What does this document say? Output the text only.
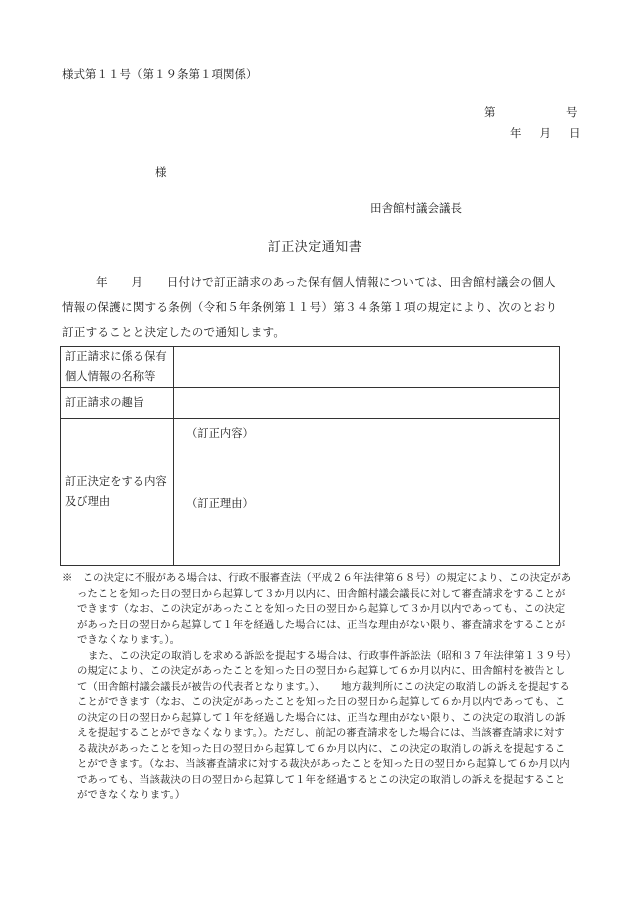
様式第１１号（第１９条第１項関係）
第	号
年 月 日
様
田舎館村議会議長
訂正決定通知書
年　　月　　日付けで訂正請求のあった保有個人情報については、田舎館村議会の個人情報の保護に関する条例（令和５年条例第１１号）第３４条第１項の規定により、次のとおり訂正することと決定したので通知します。
訂正請求に係る保有個人情報の名称等	
訂正請求の趣旨	
訂正決定をする内容及び理由	（訂正内容）
（訂正理由）

※　この決定に不服がある場合は、行政不服審査法（平成２６年法律第６８号）の規定により、この決定があったことを知った日の翌日から起算して３か月以内に、田舎館村議会議長に対して審査請求をすることができます（なお、この決定があったことを知った日の翌日から起算して３か月以内であっても、この決定があった日の翌日から起算して１年を経過した場合には、正当な理由がない限り、審査請求をすることができなくなります。）。

また、この決定の取消しを求める訴訟を提起する場合は、行政事件訴訟法（昭和３７年法律第１３９号）の規定により、この決定があったことを知った日の翌日から起算して６か月以内に、田舎館村を被告として（田舎館村議会議長が被告の代表者となります。）、　　地方裁判所にこの決定の取消しの訴えを提起することができます（なお、この決定があったことを知った日の翌日から起算して６か月以内であっても、この決定の日の翌日から起算して１年を経過した場合には、正当な理由がない限り、この決定の取消しの訴えを提起することができなくなります。）。ただし、前記の審査請求をした場合には、当該審査請求に対する裁決があったことを知った日の翌日から起算して６か月以内に、この決定の取消しの訴えを提起することができます。（なお、当該審査請求に対する裁決があったことを知った日の翌日から起算して６か月以内であっても、当該裁決の日の翌日から起算して１年を経過するとこの決定の取消しの訴えを提起することができなくなります。）
